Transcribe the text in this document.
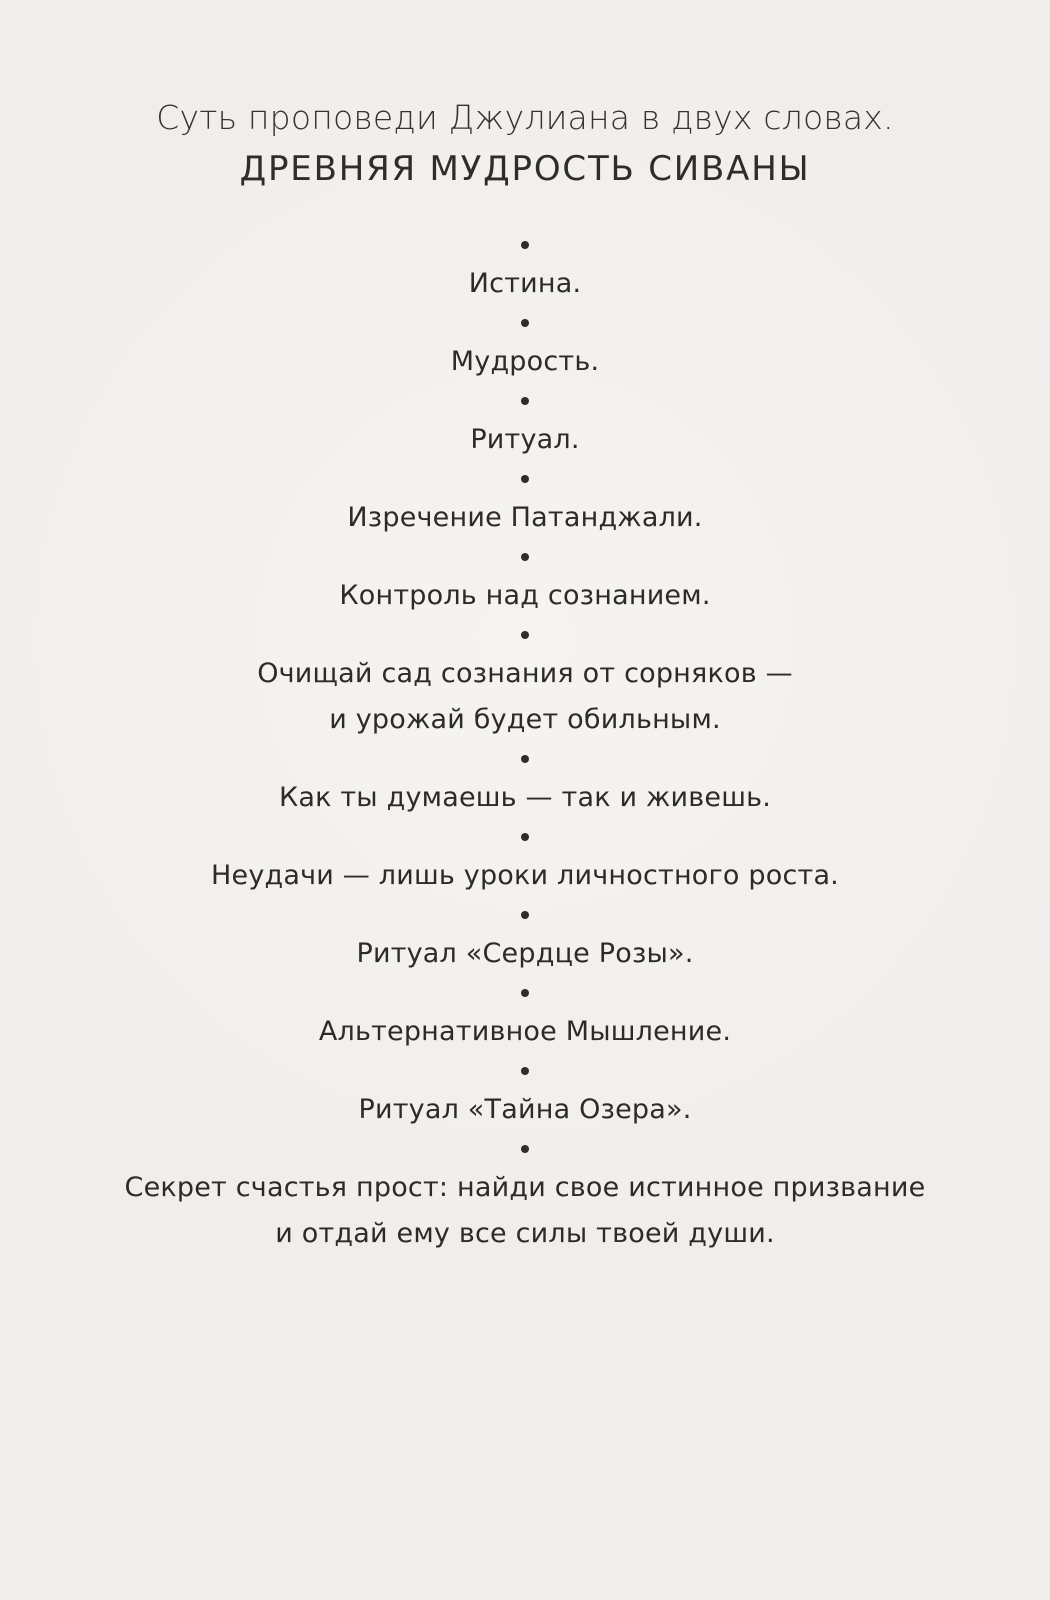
Суть проповеди Джулиана в двух словах.

ДРЕВНЯЯ МУДРОСТЬ СИВАНЫ
Истина.
Мудрость.
Ритуал.
Изречение Патанджали.
Контроль над сознанием.
Очищай сад сознания от сорняков —
и урожай будет обильным.
Как ты думаешь — так и живешь.
Неудачи — лишь уроки личностного роста.
Ритуал «Сердце Розы».
Альтернативное Мышление.
Ритуал «Тайна Озера».
Секрет счастья прост: найди свое истинное призвание
и отдай ему все силы твоей души.
